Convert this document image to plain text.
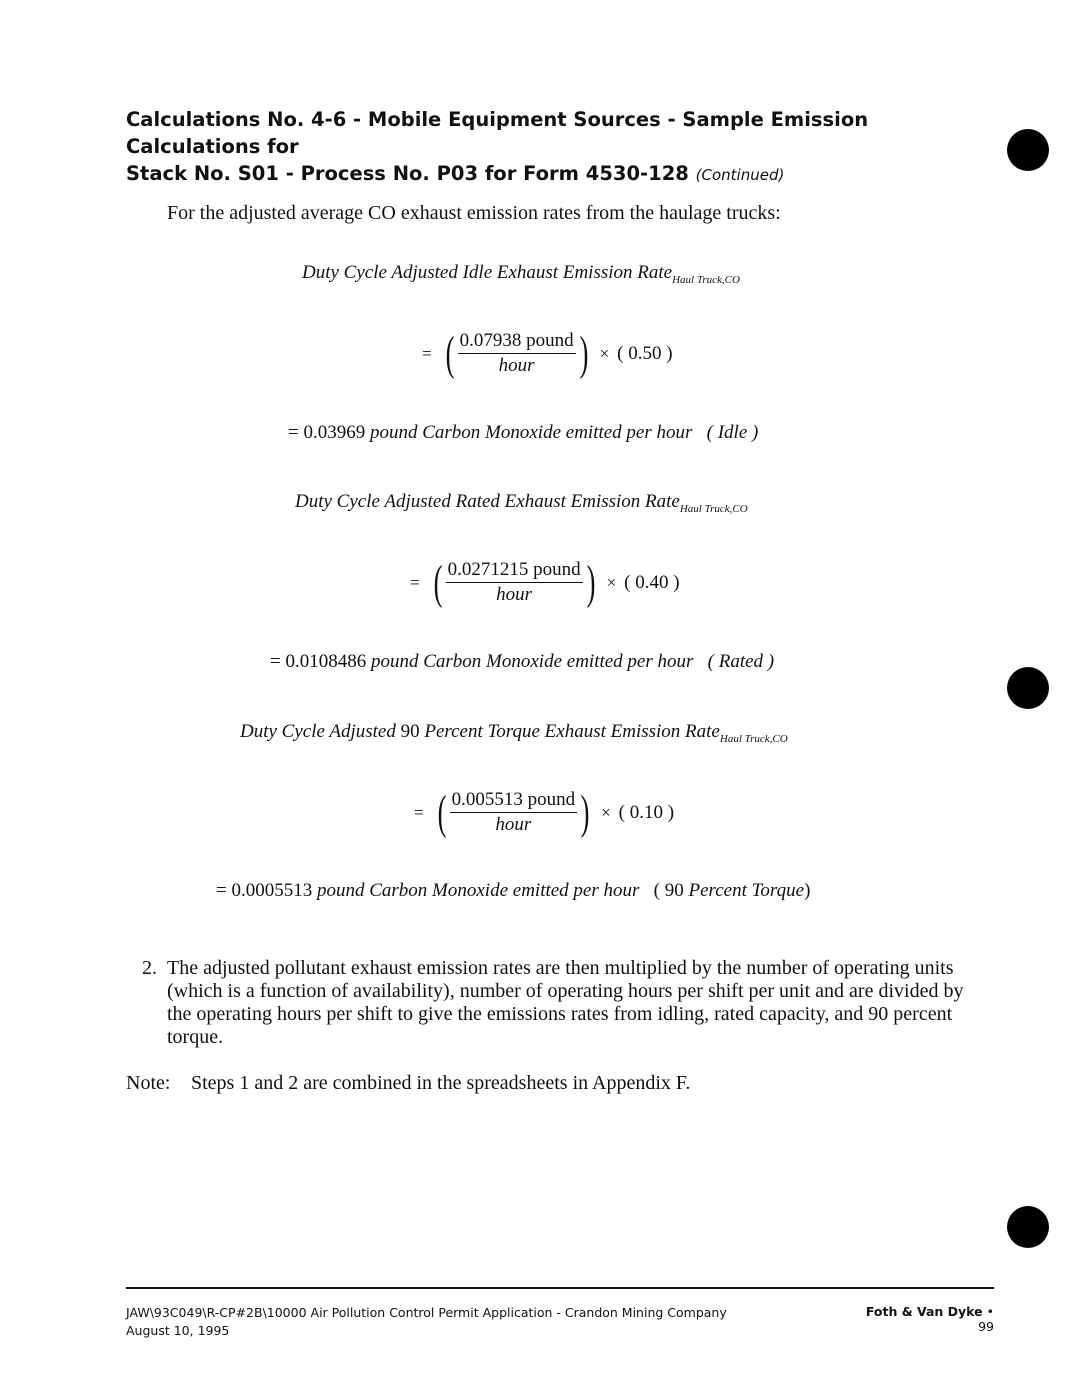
Calculations No. 4-6 - Mobile Equipment Sources - Sample Emission Calculations for
Stack No. S01 - Process No. P03 for Form 4530-128 (Continued)
For the adjusted average CO exhaust emission rates from the haulage trucks:
Duty Cycle Adjusted Idle Exhaust Emission Rate$_{Haul Truck,CO}$
= ( $\frac{\text{0.07938 pound}}{\text{hour}}$ ) × ( 0.50 )
= 0.03969 pound Carbon Monoxide emitted per hour ( Idle )
Duty Cycle Adjusted Rated Exhaust Emission Rate$_{Haul Truck,CO}$
= ( $\frac{\text{0.0271215 pound}}{\text{hour}}$ ) × ( 0.40 )
= 0.0108486 pound Carbon Monoxide emitted per hour ( Rated )
Duty Cycle Adjusted 90 Percent Torque Exhaust Emission Rate$_{Haul Truck,CO}$
= ( $\frac{\text{0.005513 pound}}{\text{hour}}$ ) × ( 0.10 )
= 0.0005513 pound Carbon Monoxide emitted per hour ( 90 Percent Torque)
2. The adjusted pollutant exhaust emission rates are then multiplied by the number of operating units (which is a function of availability), number of operating hours per shift per unit and are divided by the operating hours per shift to give the emissions rates from idling, rated capacity, and 90 percent torque.
Note: Steps 1 and 2 are combined in the spreadsheets in Appendix F.
JAW\93C049\R-CP#2B\10000 Air Pollution Control Permit Application - Crandon Mining Company
August 10, 1995
Foth & Van Dyke • 99
